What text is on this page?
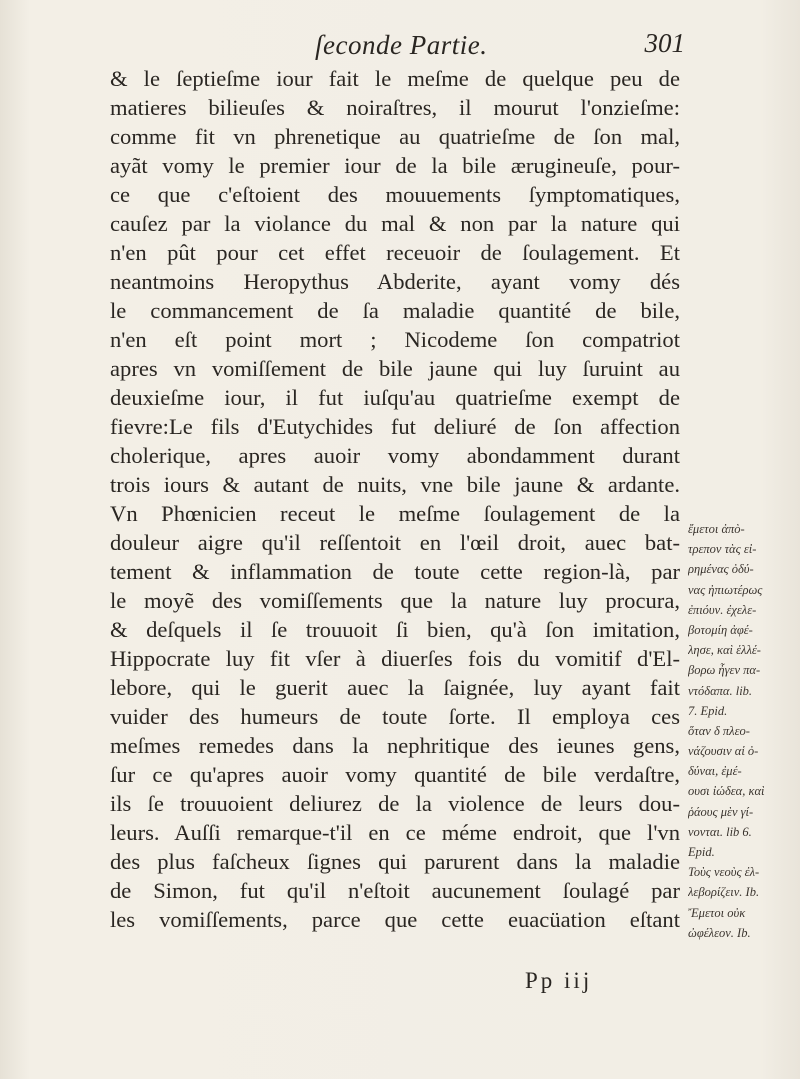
ſeconde Partie.	301
& le ſeptieſme iour fait le meſme de quelque peu de
matieres bilieuſes & noiraſtres, il mourut l'onzieſme:
comme fit vn phrenetique au quatrieſme de ſon mal,
ayãt vomy le premier iour de la bile ærugineuſe, pour-
ce que c'eſtoient des mouuements ſymptomatiques,
cauſez par la violance du mal & non par la nature qui
n'en pût pour cet effet receuoir de ſoulagement. Et
neantmoins Heropythus Abderite, ayant vomy dés
le commancement de ſa maladie quantité de bile,
n'en eſt point mort ; Nicodeme ſon compatriot
apres vn vomiſſement de bile jaune qui luy ſuruint au
deuxieſme iour, il fut iuſqu'au quatrieſme exempt de
fievre:Le fils d'Eutychides fut deliuré de ſon affection
cholerique, apres auoir vomy abondamment durant
trois iours & autant de nuits, vne bile jaune & ardante.
Vn Phœnicien receut le meſme ſoulagement de la
douleur aigre qu'il reſſentoit en l'œil droit, auec bat-
tement & inflammation de toute cette region-là, par
le moyẽ des vomiſſements que la nature luy procura,
& deſquels il ſe trouuoit ſi bien, qu'à ſon imitation,
Hippocrate luy fit vſer à diuerſes fois du vomitif d'El-
lebore, qui le guerit auec la ſaignée, luy ayant fait
vuider des humeurs de toute ſorte. Il employa ces
meſmes remedes dans la nephritique des ieunes gens,
ſur ce qu'apres auoir vomy quantité de bile verdaſtre,
ils ſe trouuoient deliurez de la violence de leurs dou-
leurs. Auſſi remarque-t'il en ce méme endroit, que l'vn
des plus faſcheux ſignes qui parurent dans la maladie
de Simon, fut qu'il n'eſtoit aucunement ſoulagé par
les vomiſſements, parce que cette euacüation eſtant
ἔμετοι ἀπὸ-
τρεπον τὰς εἰ-
ρημένας ὀδύ-
νας ἠπιωτέρως
ἐπιόυν. ἐχελε-
βοτομίη ἀφέ-
λησε, καὶ ἑλλέ-
βορω ἦγεν πα-
ντόδαπα. lib.
7. Epid.
ὅταν δ πλεο-
νάζουσιν αἱ ὀ-
δύναι, ἐμέ-
ουσι ἰώδεα, καὶ
ῥάους μὲν γί-
νονται. lib 6.
Epid.
Τοὺς νεοὺς ἐλ-
λεβορίζειν. Ib.
Ἔμετοι οὐκ
ὠφέλεον. Ib.
Pp iij
